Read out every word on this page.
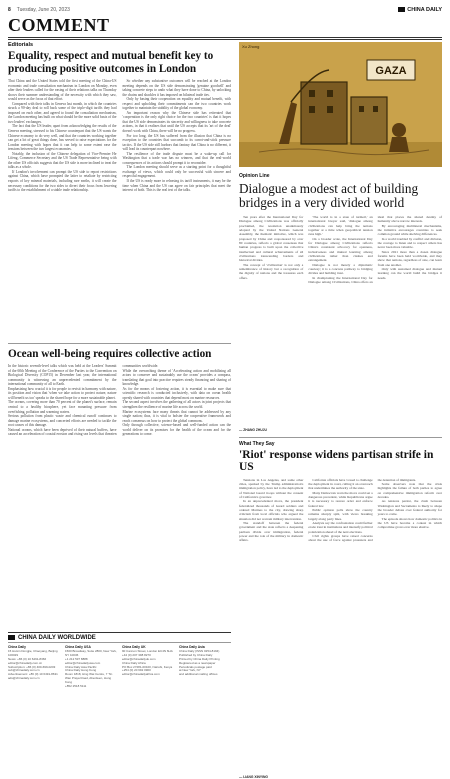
8 Tuesday, June 20, 2023	CHINA DAILY
COMMENT
Editorials
Equality, respect and mutual benefit key to producing positive outcomes in London

Thai China and the United States told the first meeting of the China-US economic and trade consultation mechanism in London on Monday, even after their leaders called for the easing of their relations talks on Thursday shows their summer understanding of the necessity with which they saw, would serve as the focus of that effort.

Compared with their talks in Geneva last month, in which the countries struck a 90-day deal to roll back some of the triple-digit tariffs they had imposed on each other, and agreed to found the consultation mechanism, the London meeting has built on what should be the more solid basis of the two leaders' exchanges.

The fact that the US leader, apart from acknowledging the results of the Geneva meeting, stressed to his Chinese counterpart that the US wants the Chinese economy to do very well, and that the countries working together can get a lot of great things done, has served to raise expectations for the London meeting with hopes that it can help to some extent ease the tensions between the two largest economies.

Notably, the inclusion of the Chinese delegation of Vice-Premier He Lifeng, Commerce Secretary and the US Trade Representative being with the other US officials suggests that the US side is more inclined to treat the talks as a whole.

If London's involvement can prompt the US side to report restrictions against China, which have prompted the latter to retaliate by restricting exports of key mineral materials, including rare earths, it will create the necessary conditions for the two sides to divert their focus from lowering tariffs to the establishment of a stable trade relationship.

So whether any substantive outcomes will be reached at the London meeting depends on the US side demonstrating 'genuine goodwill' and taking concrete steps to undo what they have done to China, by unlocking the chains and shackles it has imposed on bilateral trade ties.

Only by basing their cooperation on equality and mutual benefit, with respect and upholding their commitments can the two countries work together to maintain the stability of the global economy.

An important reason why the Chinese side has reiterated that 'cooperation is the only right choice for the two countries' is that it hopes that the US side demonstrates its sincerity and willingness to take concrete actions, in that it realizes that until the US accepts that its 'art of the deal' doesn't work with China, there will be no progress.

For too long, the US has suffered from the illusion that China is no exception to the countries that succumb to its carrot-and-stick pressure tactics. If the US side still harbors that fantasy that China is no different, it will lead its counterpart nowhere.

The resilience of the trade dispute must be a wake-up call for Washington that a trade war has no winners, and that the real-world consequences of its actions should prompt it to reconsider.

The London meeting should serve as a starting point for a thoughtful exchange of views, which could only be successful with sincere and respectful engagement.

If the US is ready more in releasing its tariff instruments, it may be the time when China and the US can agree on fair principles that meet the interest of both. This is the real test of the talks.

Ocean well-being requires collective action

In the historic seventh-level talks which was held at the Leaders' Summit of the 60th Meeting of the Conference of the Parties to the Convention on Biological Diversity (COP15) in December last year, the international community is witnessing an unprecedented commitment by the international community of all to Earth.

Emphasizing how crucial it is for people to revisit in harmony with nature, its position and vision that 'when we take action to protect nature, nature will benefit us too' speaks to the shared hope for a more sustainable planet.

The oceans, covering more than 70 percent of the planet's surface, remain central to a healthy biosphere, yet face mounting pressure from overfishing, pollution and warming waters.

Serious pollution from plastic waste and chemical runoff continues to damage marine ecosystems, and concerted efforts are needed to tackle the root causes of this damage.

National oceans, which have been deprived of their natural buffers, have caused an acceleration of coastal erosion and rising sea levels that threaten communities worldwide.

While the overarching theme of 'Accelerating action and mobilizing all actors to conserve and sustainably use the ocean' provides a compass, translating that goal into practice requires steady financing and sharing of knowledge.

As for the means of fostering action, it is essential to make sure that scientific research is conducted inclusively, with data on ocean health openly shared with countries that depend most on marine resources.

The second aspect involves the gathering of all actors in joint projects that strengthen the resilience of marine life across the world.

Marine ecosystems face many threats that cannot be addressed by any single nation; thus, it is vital to bolster the cooperative framework and reach consensus on how to protect the global commons.

Only through collective, science-based and well-funded action can the world deliver on its promises for the health of the ocean and for the generations to come.

CHINA DAILY WORLDWIDE
China Daily
15 Huixin Dongjie, Chaoyang, Beijing 100029
News: +86 (0) 10 6491-8366
editor@chinadaily.com.cn
Subscription: +86 (0) 400-699-0203
sub@chinadaily.com.cn
Advertisement: +86 (0) 10 6491-8631
ads@chinadaily.com.cn
China Daily USA
1500 Broadway, Suite 2800, New York, NY 10036
+1 212 537 8888
editor@chinadailyusa.com
China Daily Asia Pacific
China Daily Hong Kong
Room 1818, Hing Wai Centre, 7 Tin Wan Praya Road, Aberdeen, Hong Kong
+852 2518 5111
China Daily UK
90 Cannon Street, London EC4N 6HA
+44 (0) 207 398 8270
editor@chinadailyuk.com
China Daily Africa
PO Box 27281-00100, Nairobi, Kenya
+254 (0) 20 692 0900
editor@chinadailyafrica.com
China Daily Asia
China Daily (ISSN 0254-8194)
Published by China Daily
Printed by China Daily Printing
Registered as a newspaper
Periodicals postage paid
at New York, NY
and additional mailing offices
Xu Zhong
GAZA
Opinion Line
Dialogue a modest act of building bridges in a very divided world

Ten years after the International Day for Dialogue among Civilizations was officially proclaimed, the resolution unanimously adopted by the United Nations General Assembly, the thematic initiative, which was proposed by China and cosponsored by over 80 countries, reflects a global consensus that human progress is built upon the collective intellectual and cultural achievements of all civilizations transcending borders and historical divides.

The concept of 'civilization' is not only a remembrance of history but a recognition of the dignity of nations and the treasures each offers.

'The world is in a state of turmoil,' an international lawyer said, 'dialogue among civilizations can help bring the nations together at a time when geopolitical tension runs high.'

On a broader scale, the International Day for Dialogue among Civilizations reflects China's consistent advocacy for openness, inclusiveness and mutual learning among civilizations rather than clashes and estrangement.

Dialogue is not merely a diplomatic courtesy; it is a concrete pathway to bridging divides and building trust.

In championing the International Day for Dialogue among Civilizations, China offers an ideal that places the shared destiny of humanity above narrow interests.

By encouraging multilateral mechanisms, the initiative encourages countries to seek common ground while shelving differences.

In a world troubled by conflict and division, the courage to listen and to respect others has never been more valuable.

Since 2021 more than a dozen dialogue forums have been held worldwide, and they show that nations, regardless of size, can learn from one another.

Only with sustained dialogue and mutual learning can the world build the bridges it needs.

— ZHANG ZHUJU
What They Say
'Riot' response widens partisan strife in US

Tensions in Los Angeles, and some other cities, sparked by the Trump administration's immigration policy, have led to the deployment of National Guard troops without the consent of California's governor.

In an unprecedented move, the president federalized thousands of Guard soldiers and ordered Marines to the city, drawing sharp criticism from local officials who argued the situation did not warrant military intervention.

The standoff between the federal government and the state reflects a deepening partisan divide over immigration, federal power and the role of the military in domestic affairs.

California officials have vowed to challenge the deployment in court, calling it an overreach that undermines the authority of the state.

Many Democrats warn the move could set a dangerous precedent, while Republicans argue it is necessary to restore order and enforce federal law.

Public opinion polls show the country remains sharply split, with views breaking largely along party lines.

Analysts say the confrontation could further erode trust in institutions and intensify political polarization ahead of the next elections.

Civil rights groups have raised concerns about the use of force against protesters and the detention of immigrants.

Some observers note that the crisis highlights the failure of both parties to agree on comprehensive immigration reform over decades.

As tensions persist, the clash between Washington and Sacramento is likely to shape the broader debate over federal authority for years to come.

The episode shows how domestic politics in the US have become a contest in which compromise grows ever more elusive.

— LIANG XINYING
